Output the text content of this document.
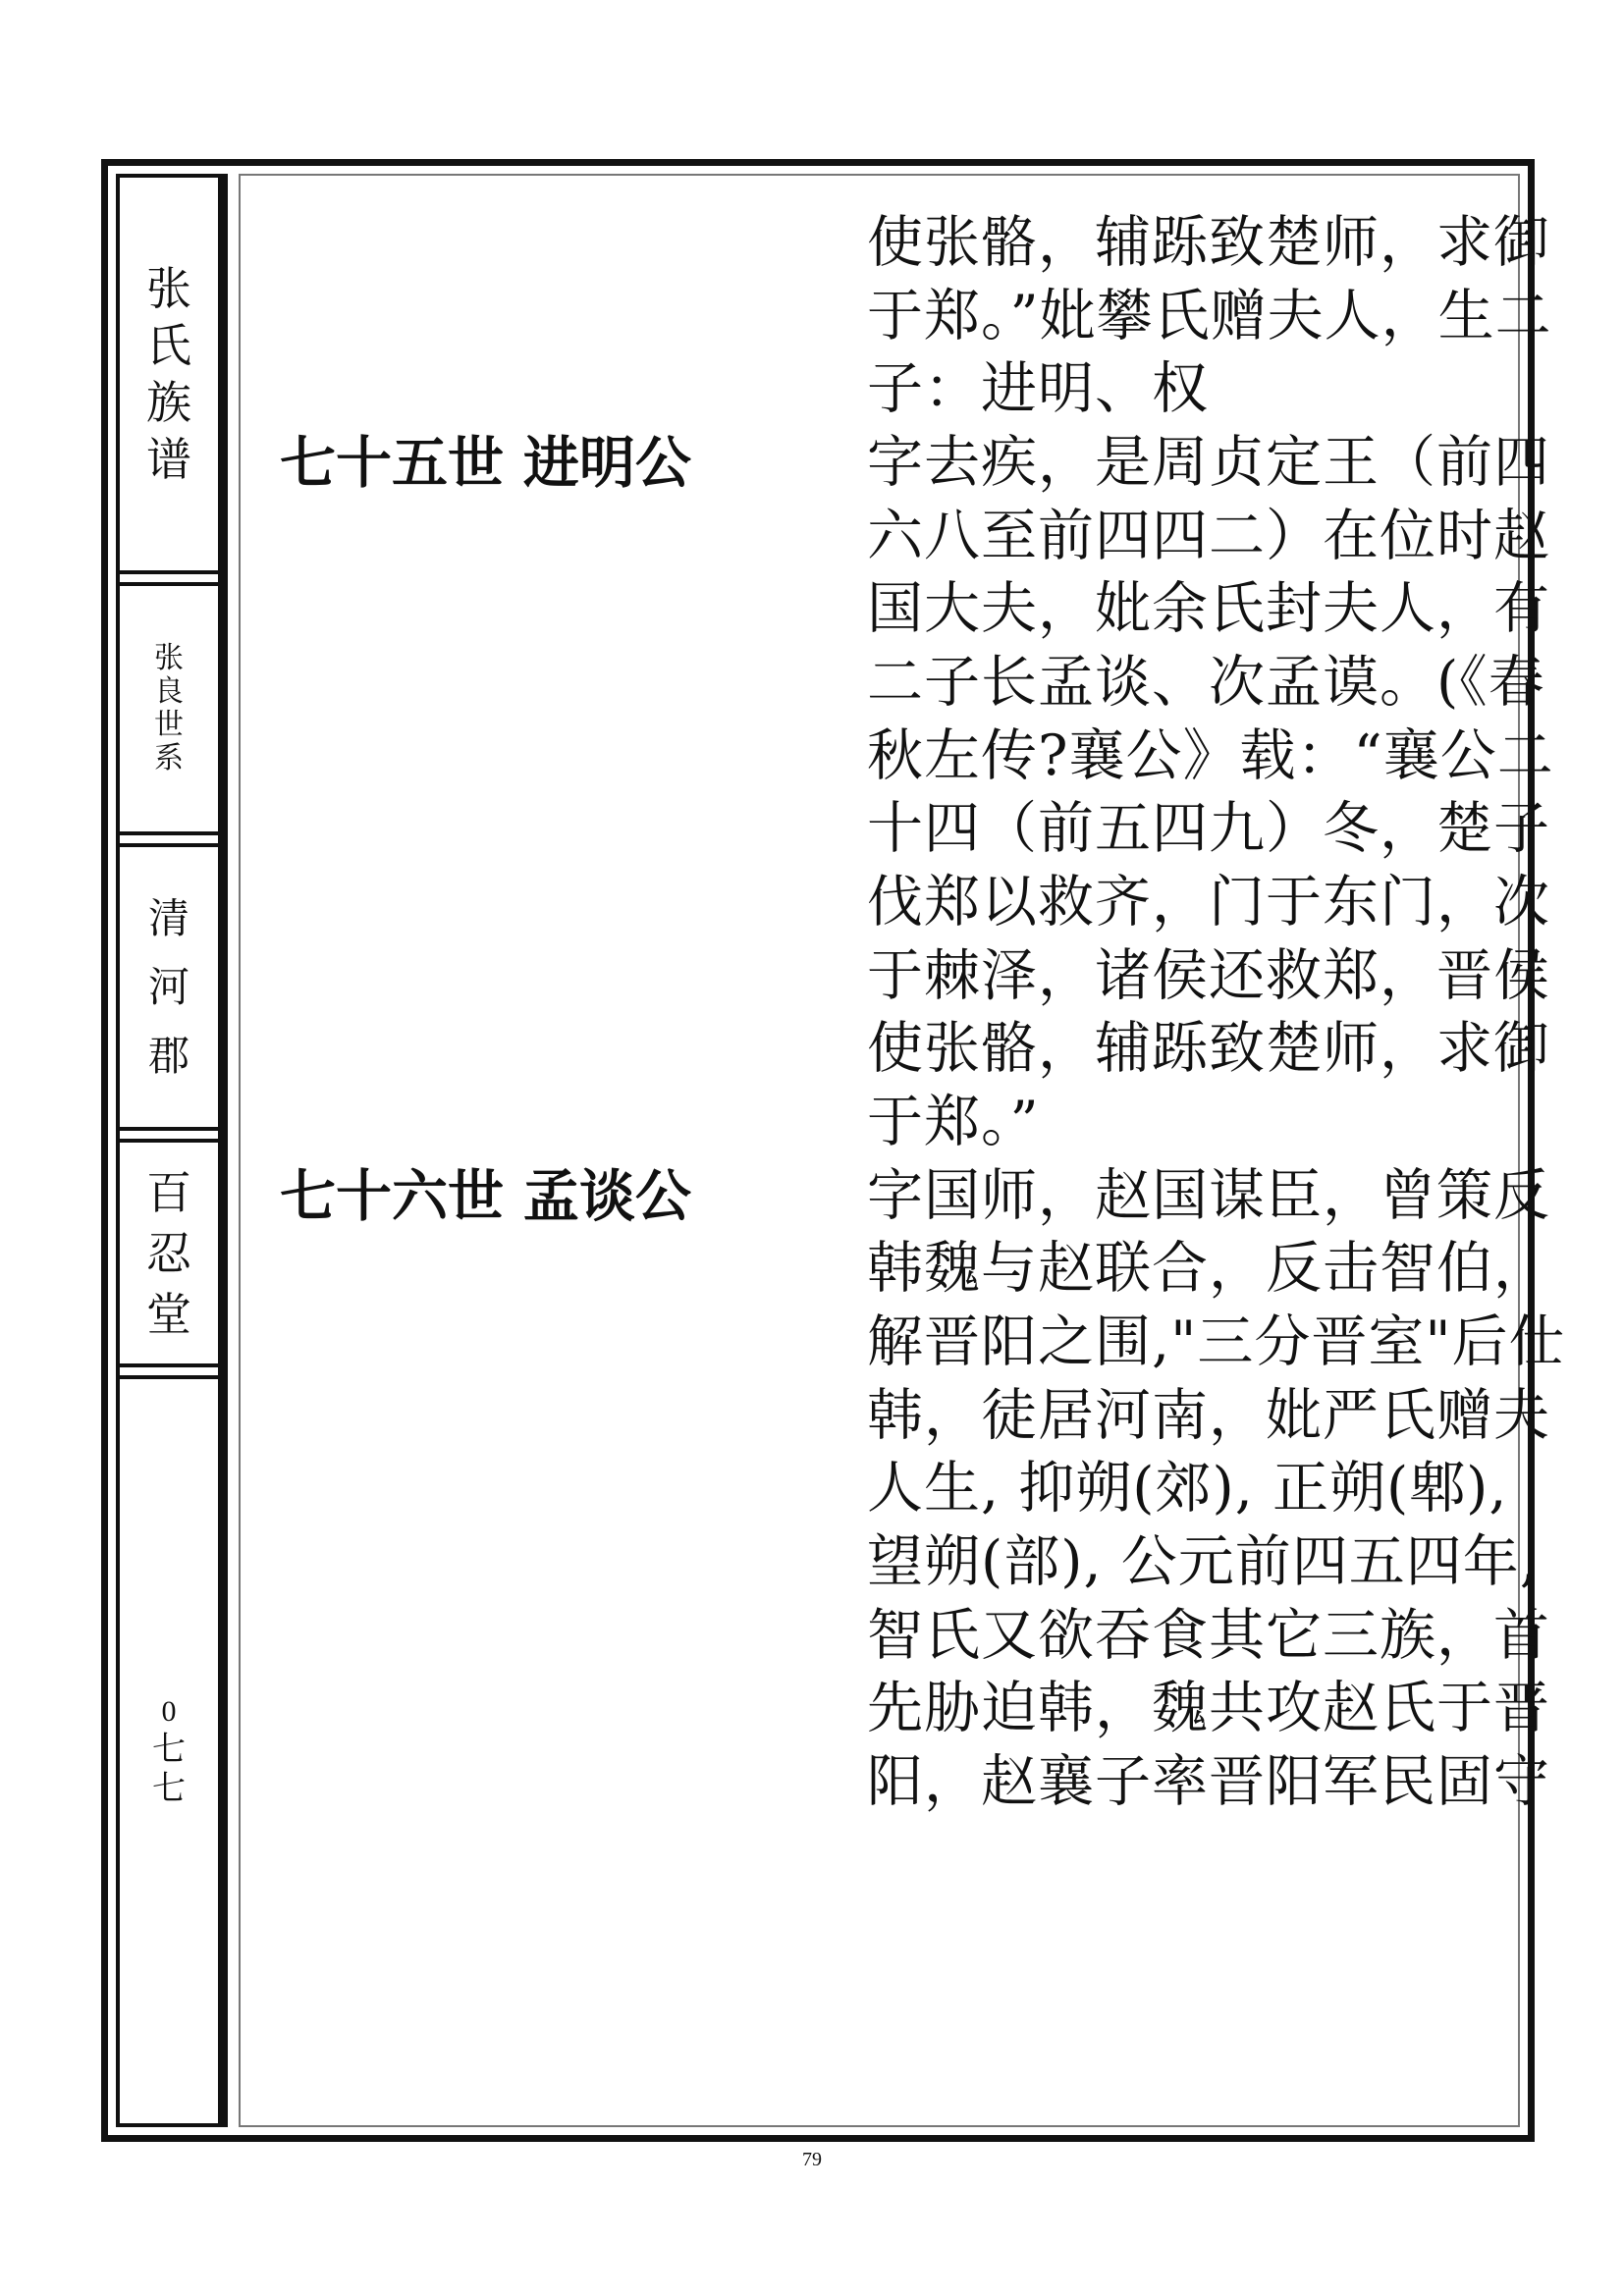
张
氏
族
谱
张
良
世
系
清
河
郡
百
忍
堂
0
七
七
使张骼，辅跞致楚师，求御
于郑。”妣攀氏赠夫人，生二
子：进明、权
七十五世 进明公	字去疾，是周贞定王（前四
六八至前四四二）在位时赵
国大夫，妣余氏封夫人，有
二子长孟谈、次孟谟。(《春
秋左传?襄公》载：“襄公二
十四（前五四九）冬，楚子
伐郑以救齐，门于东门，次
于棘泽，诸侯还救郑，晋侯
使张骼，辅跞致楚师，求御
于郑。”
七十六世 孟谈公	字国师，赵国谋臣，曾策反
韩魏与赵联合，反击智伯，
解晋阳之围,"三分晋室"后仕
韩，徒居河南，妣严氏赠夫
人生, 抑朔(郊), 正朔(郫),
望朔(部), 公元前四五四年,
智氏又欲吞食其它三族，首
先胁迫韩，魏共攻赵氏于晋
阳，赵襄子率晋阳军民固守
79
